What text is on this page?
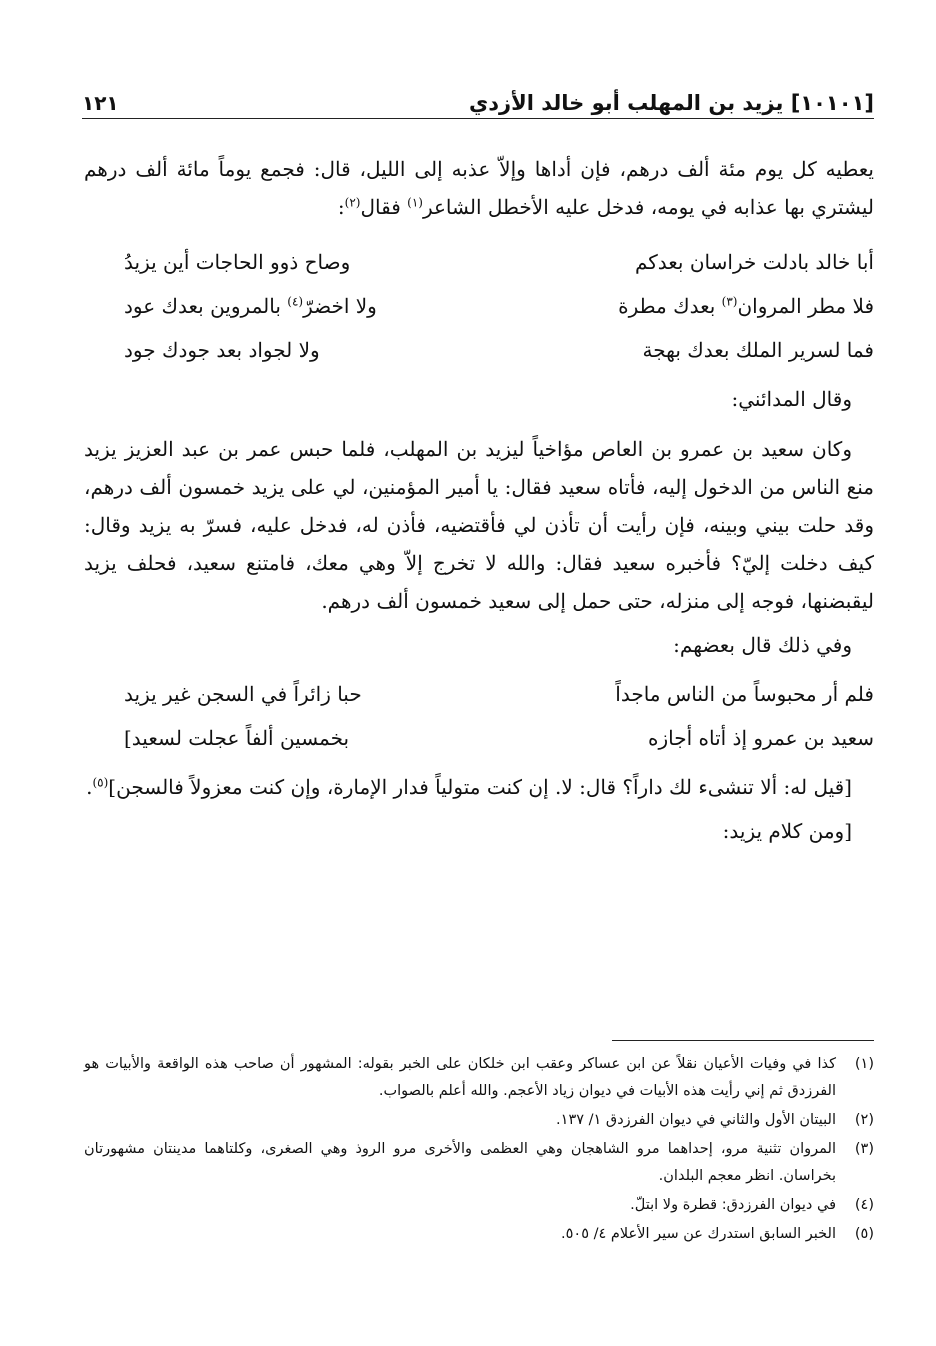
[١٠١٠١] يزيد بن المهلب أبو خالد الأزدي
١٢١

يعطيه كل يوم مئة ألف درهم، فإن أداها وإلاّ عذبه إلى الليل، قال: فجمع يوماً مائة ألف درهم ليشتري بها عذابه في يومه، فدخل عليه الأخطل الشاعر$^{(١)}$ فقال$^{(٢)}$:

أبا خالد بادلت خراسان بعدكم
وصاح ذوو الحاجات أين يزيدُ
فلا مطر المروان$^{(٣)}$ بعدك مطرة
ولا اخضرّ$^{(٤)}$ بالمروين بعدك عود
فما لسرير الملك بعدك بهجة
ولا لجواد بعد جودك جود

وقال المدائني:

وكان سعيد بن عمرو بن العاص مؤاخياً ليزيد بن المهلب، فلما حبس عمر بن عبد العزيز يزيد منع الناس من الدخول إليه، فأتاه سعيد فقال: يا أمير المؤمنين، لي على يزيد خمسون ألف درهم، وقد حلت بيني وبينه، فإن رأيت أن تأذن لي فأقتضيه، فأذن له، فدخل عليه، فسرّ به يزيد وقال: كيف دخلت إليّ؟ فأخبره سعيد فقال: والله لا تخرج إلاّ وهي معك، فامتنع سعيد، فحلف يزيد ليقبضنها، فوجه إلى منزله، حتى حمل إلى سعيد خمسون ألف درهم.

وفي ذلك قال بعضهم:

فلم أر محبوساً من الناس ماجداً
حبا زائراً في السجن غير يزيد
سعيد بن عمرو إذ أتاه أجازه
بخمسين ألفاً عجلت لسعيد]

[قيل له: ألا تنشىء لك داراً؟ قال: لا. إن كنت متولياً فدار الإمارة، وإن كنت معزولاً فالسجن]$^{(٥)}$.

[ومن كلام يزيد:

(١)
كذا في وفيات الأعيان نقلاً عن ابن عساكر وعقب ابن خلكان على الخبر بقوله: المشهور أن صاحب هذه الواقعة والأبيات هو الفرزدق ثم إني رأيت هذه الأبيات في ديوان زياد الأعجم. والله أعلم بالصواب.
(٢)
البيتان الأول والثاني في ديوان الفرزدق ١/ ١٣٧.
(٣)
المروان تثنية مرو، إحداهما مرو الشاهجان وهي العظمى والأخرى مرو الروذ وهي الصغرى، وكلتاهما مدينتان مشهورتان بخراسان. انظر معجم البلدان.
(٤)
في ديوان الفرزدق: قطرة ولا ابتلّ.
(٥)
الخبر السابق استدرك عن سير الأعلام ٤/ ٥٠٥.
